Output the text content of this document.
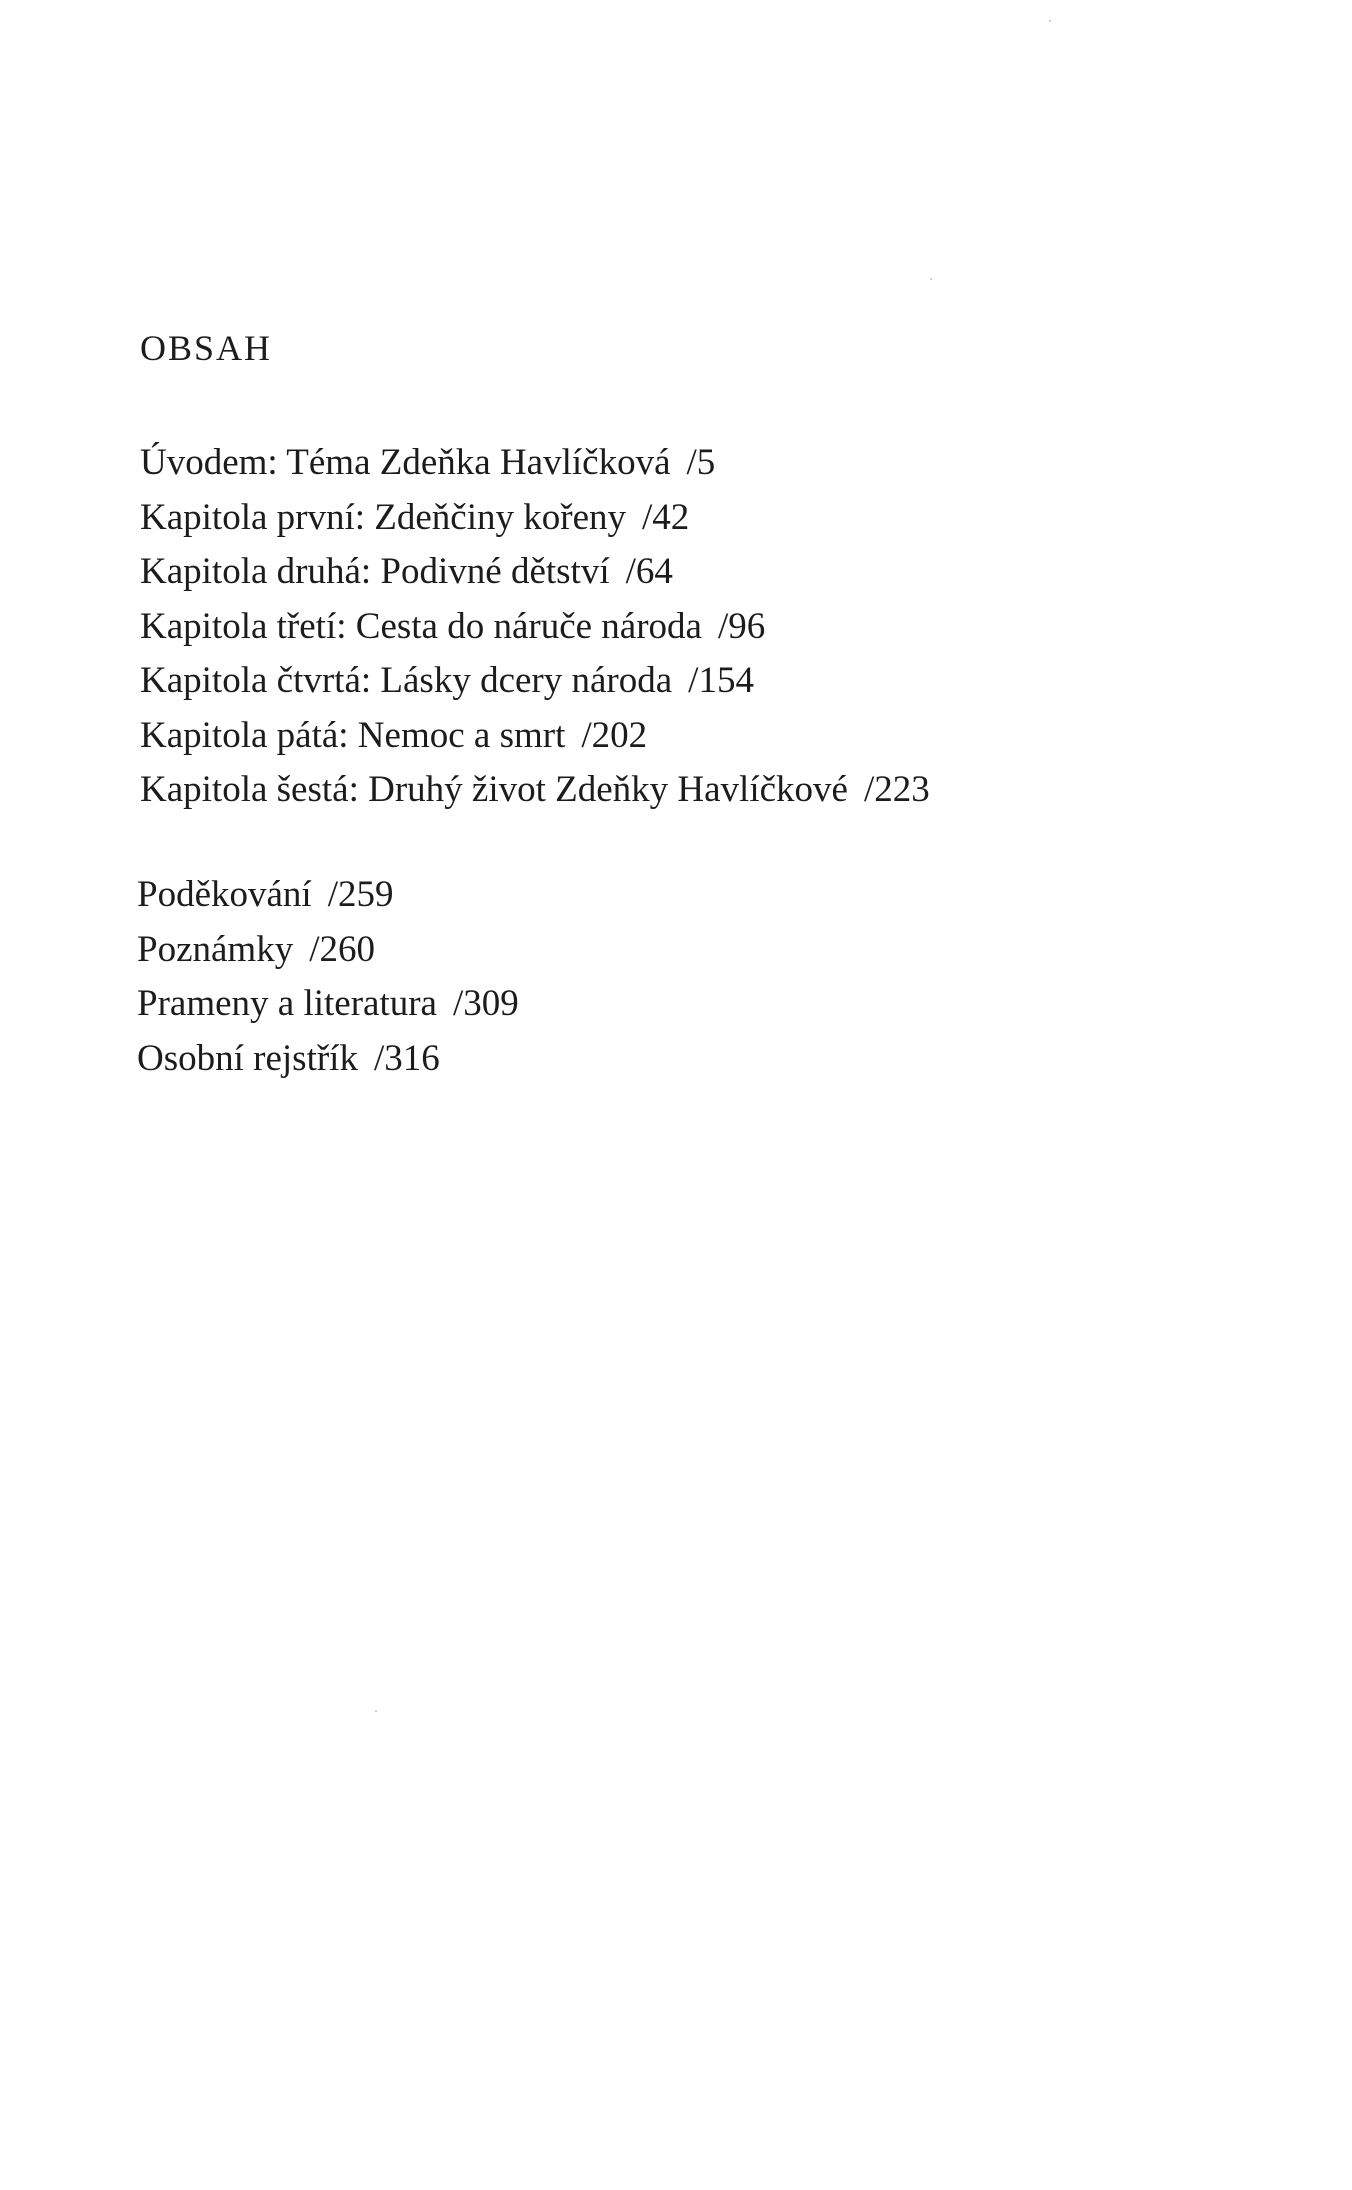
OBSAH
Úvodem: Téma Zdeňka Havlíčková /5
Kapitola první: Zdeňčiny kořeny /42
Kapitola druhá: Podivné dětství /64
Kapitola třetí: Cesta do náruče národa /96
Kapitola čtvrtá: Lásky dcery národa /154
Kapitola pátá: Nemoc a smrt /202
Kapitola šestá: Druhý život Zdeňky Havlíčkové /223
Poděkování /259
Poznámky /260
Prameny a literatura /309
Osobní rejstřík /316
